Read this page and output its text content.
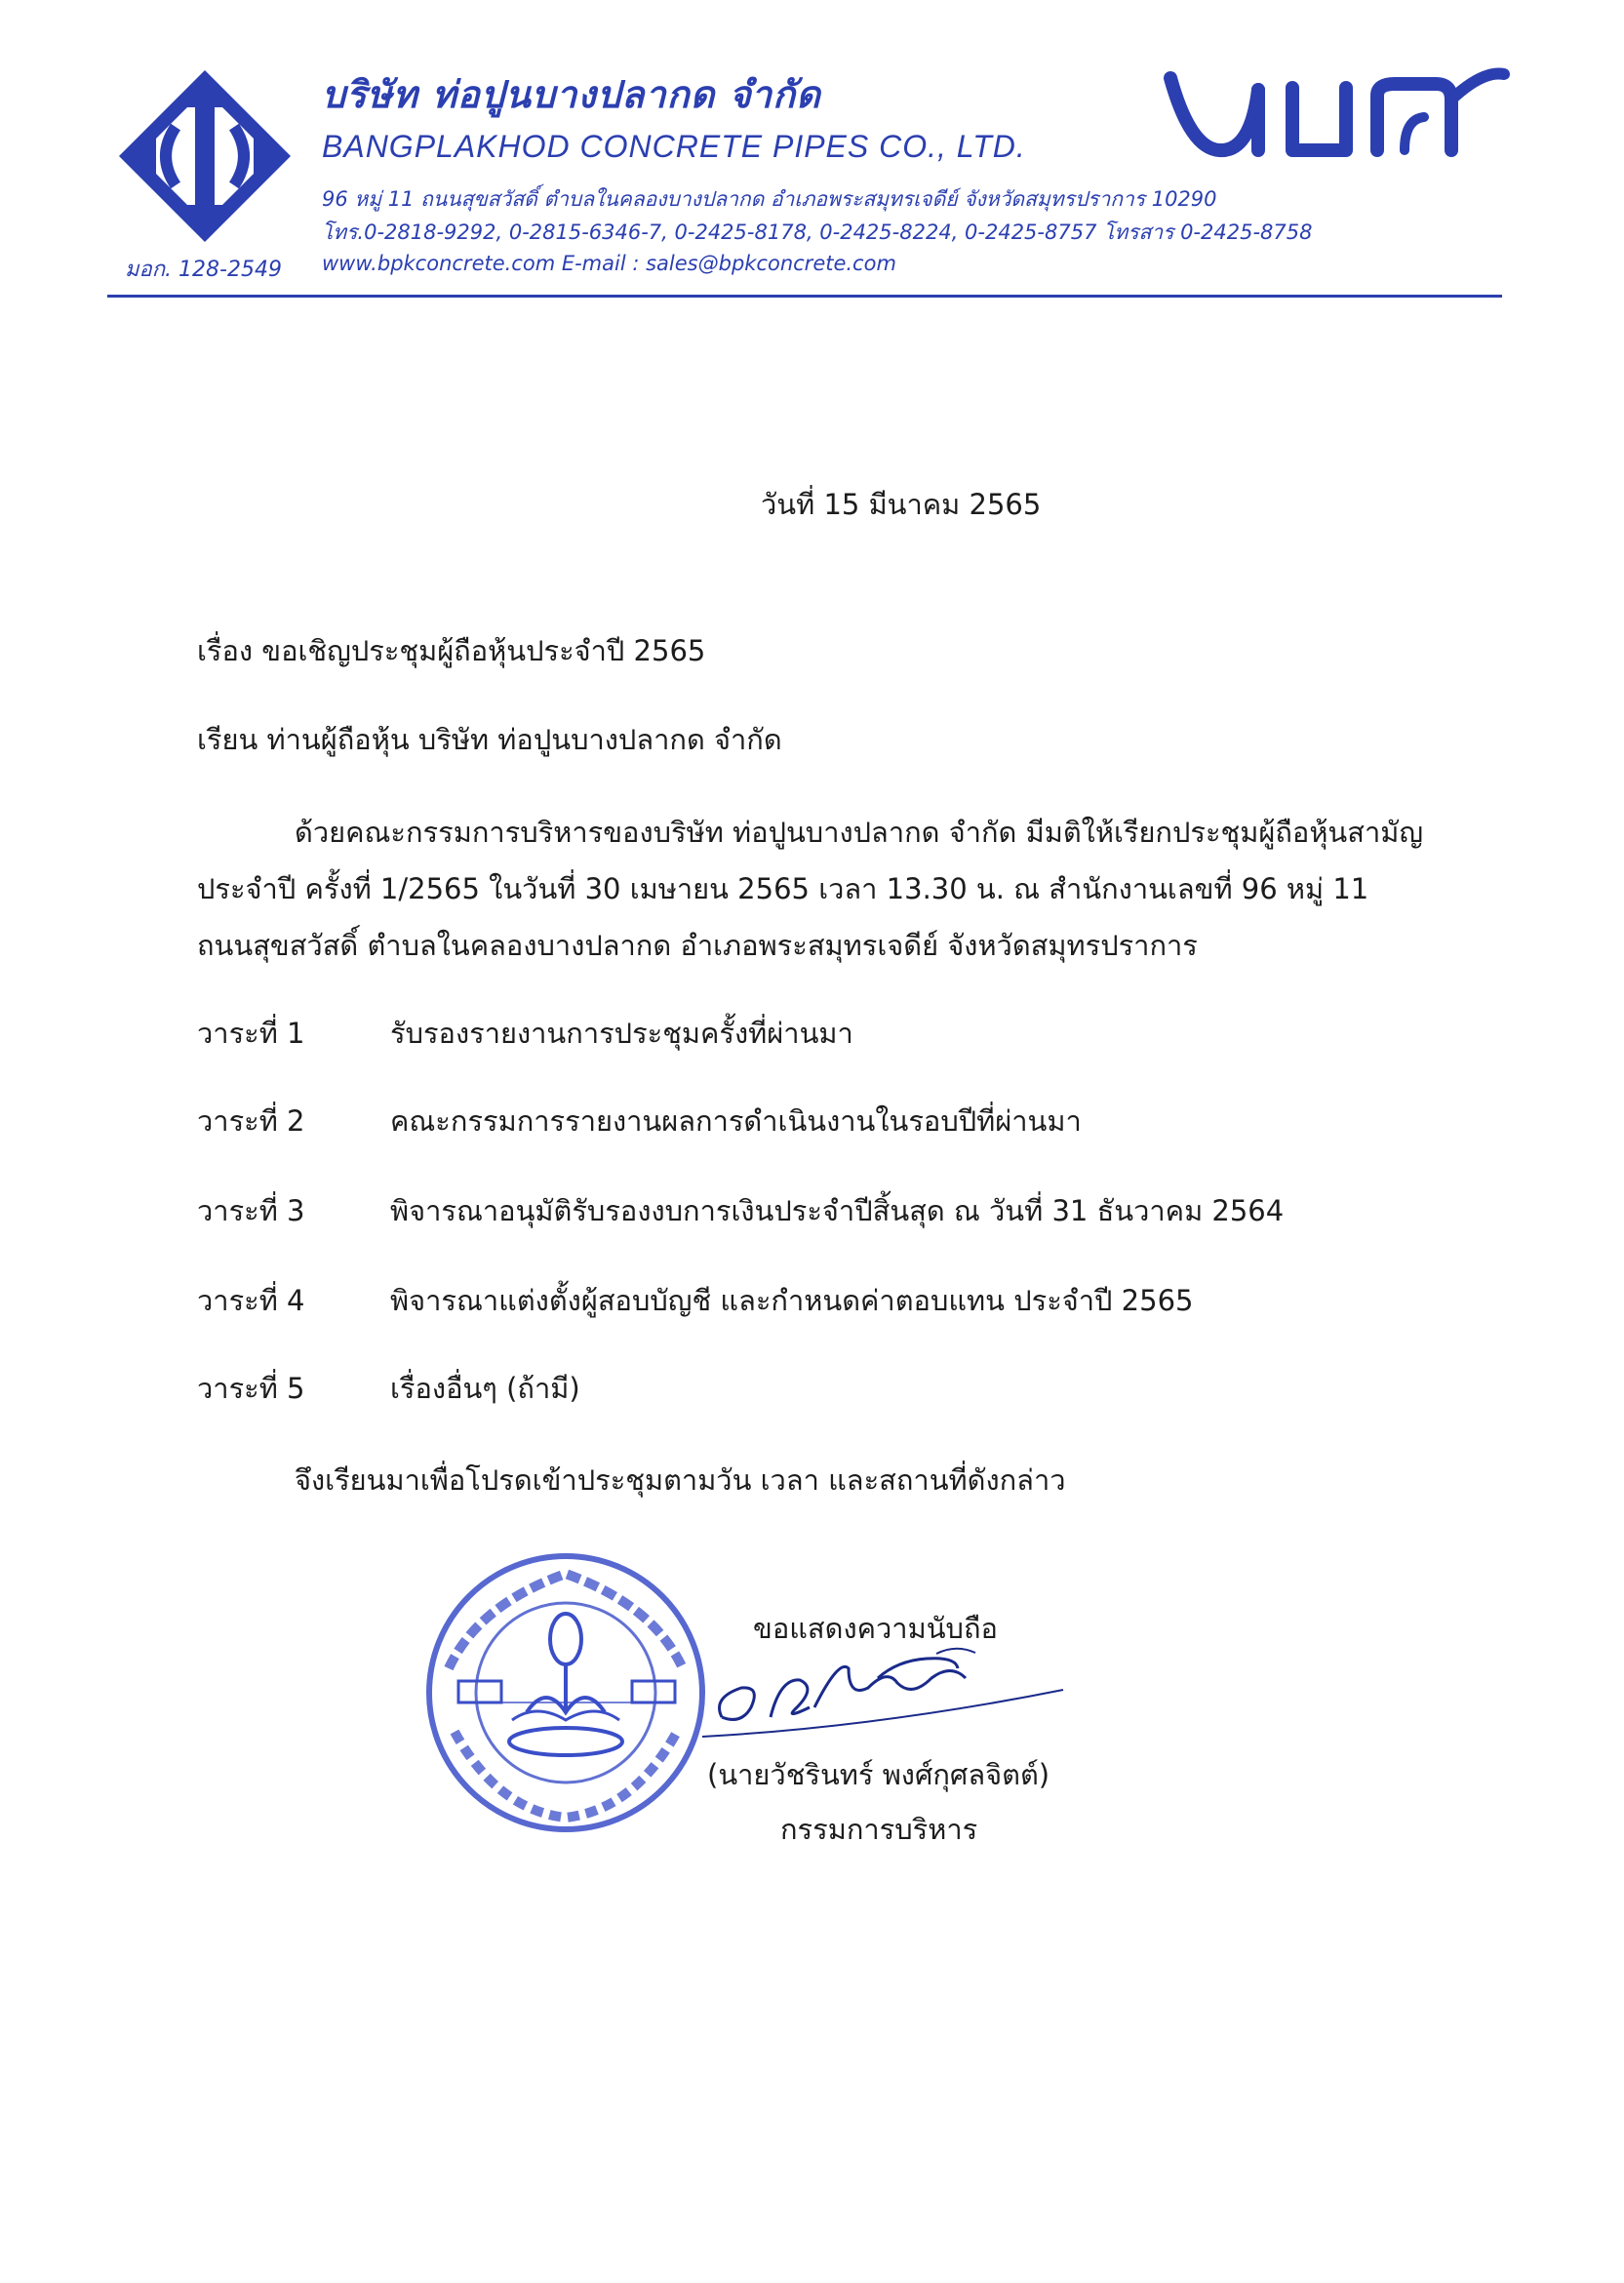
บริษัท ท่อปูนบางปลากด จำกัด
BANGPLAKHOD CONCRETE PIPES CO., LTD.
96 หมู่ 11 ถนนสุขสวัสดิ์ ตำบลในคลองบางปลากด อำเภอพระสมุทรเจดีย์ จังหวัดสมุทรปราการ 10290
โทร.0-2818-9292, 0-2815-6346-7, 0-2425-8178, 0-2425-8224, 0-2425-8757 โทรสาร 0-2425-8758
www.bpkconcrete.com E-mail : sales@bpkconcrete.com
มอก. 128-2549
วันที่ 15 มีนาคม 2565
เรื่อง ขอเชิญประชุมผู้ถือหุ้นประจำปี 2565
เรียน ท่านผู้ถือหุ้น บริษัท ท่อปูนบางปลากด จำกัด
ด้วยคณะกรรมการบริหารของบริษัท ท่อปูนบางปลากด จำกัด มีมติให้เรียกประชุมผู้ถือหุ้นสามัญ
ประจำปี ครั้งที่ 1/2565 ในวันที่ 30 เมษายน 2565 เวลา 13.30 น. ณ สำนักงานเลขที่ 96 หมู่ 11
ถนนสุขสวัสดิ์ ตำบลในคลองบางปลากด อำเภอพระสมุทรเจดีย์ จังหวัดสมุทรปราการ
วาระที่ 1	รับรองรายงานการประชุมครั้งที่ผ่านมา
วาระที่ 2	คณะกรรมการรายงานผลการดำเนินงานในรอบปีที่ผ่านมา
วาระที่ 3	พิจารณาอนุมัติรับรองงบการเงินประจำปีสิ้นสุด ณ วันที่ 31 ธันวาคม 2564
วาระที่ 4	พิจารณาแต่งตั้งผู้สอบบัญชี และกำหนดค่าตอบแทน ประจำปี 2565
วาระที่ 5	เรื่องอื่นๆ (ถ้ามี)
จึงเรียนมาเพื่อโปรดเข้าประชุมตามวัน เวลา และสถานที่ดังกล่าว
ขอแสดงความนับถือ
(นายวัชรินทร์ พงศ์กุศลจิตต์)
กรรมการบริหาร
